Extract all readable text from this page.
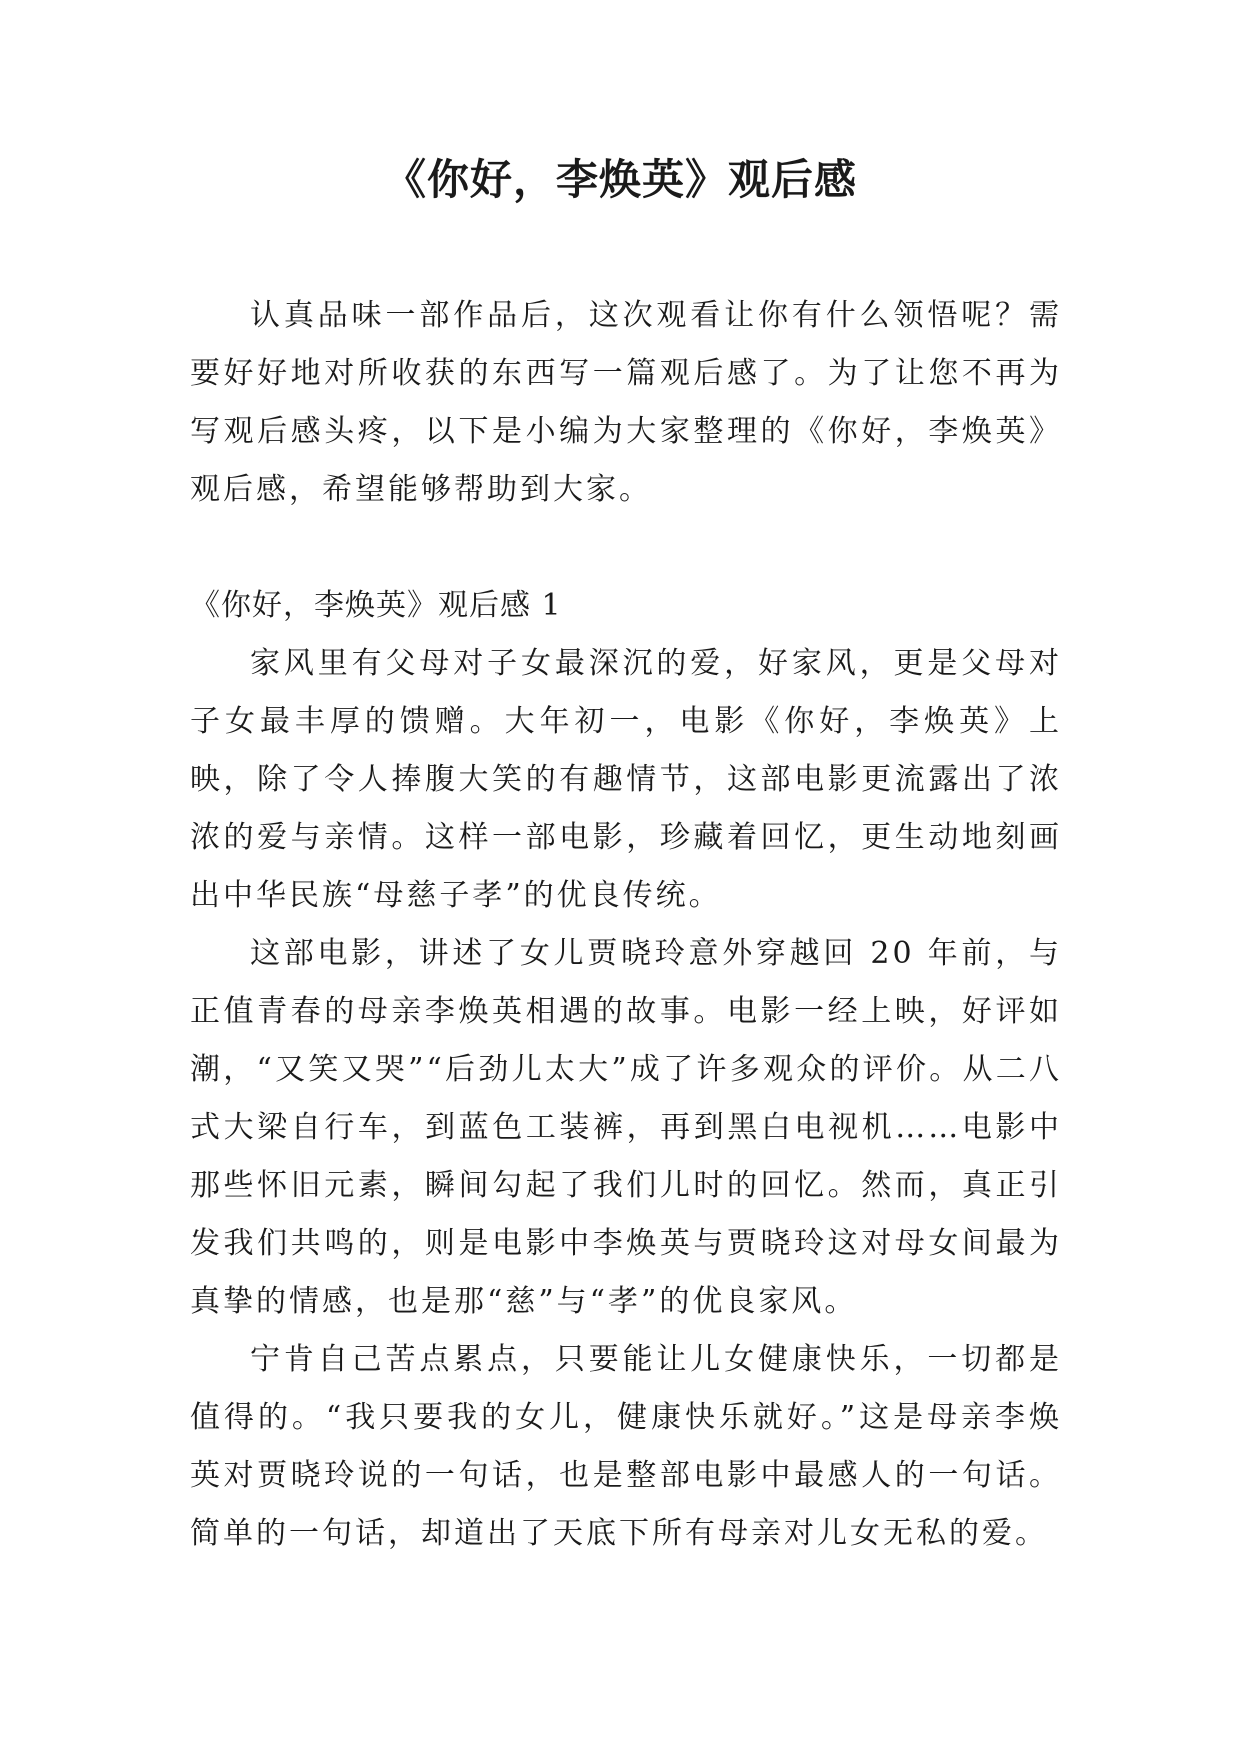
《你好，李焕英》观后感

认真品味一部作品后，这次观看让你有什么领悟呢？需要好好地对所收获的东西写一篇观后感了。为了让您不再为写观后感头疼，以下是小编为大家整理的《你好，李焕英》观后感，希望能够帮助到大家。

《你好，李焕英》观后感 1

家风里有父母对子女最深沉的爱，好家风，更是父母对子女最丰厚的馈赠。大年初一，电影《你好，李焕英》上映，除了令人捧腹大笑的有趣情节，这部电影更流露出了浓浓的爱与亲情。这样一部电影，珍藏着回忆，更生动地刻画出中华民族“母慈子孝”的优良传统。

这部电影，讲述了女儿贾晓玲意外穿越回 20 年前，与正值青春的母亲李焕英相遇的故事。电影一经上映，好评如潮，“又笑又哭”“后劲儿太大”成了许多观众的评价。从二八式大梁自行车，到蓝色工装裤，再到黑白电视机……电影中那些怀旧元素，瞬间勾起了我们儿时的回忆。然而，真正引发我们共鸣的，则是电影中李焕英与贾晓玲这对母女间最为真挚的情感，也是那“慈”与“孝”的优良家风。

宁肯自己苦点累点，只要能让儿女健康快乐，一切都是值得的。“我只要我的女儿，健康快乐就好。”这是母亲李焕英对贾晓玲说的一句话，也是整部电影中最感人的一句话。简单的一句话，却道出了天底下所有母亲对儿女无私的爱。
